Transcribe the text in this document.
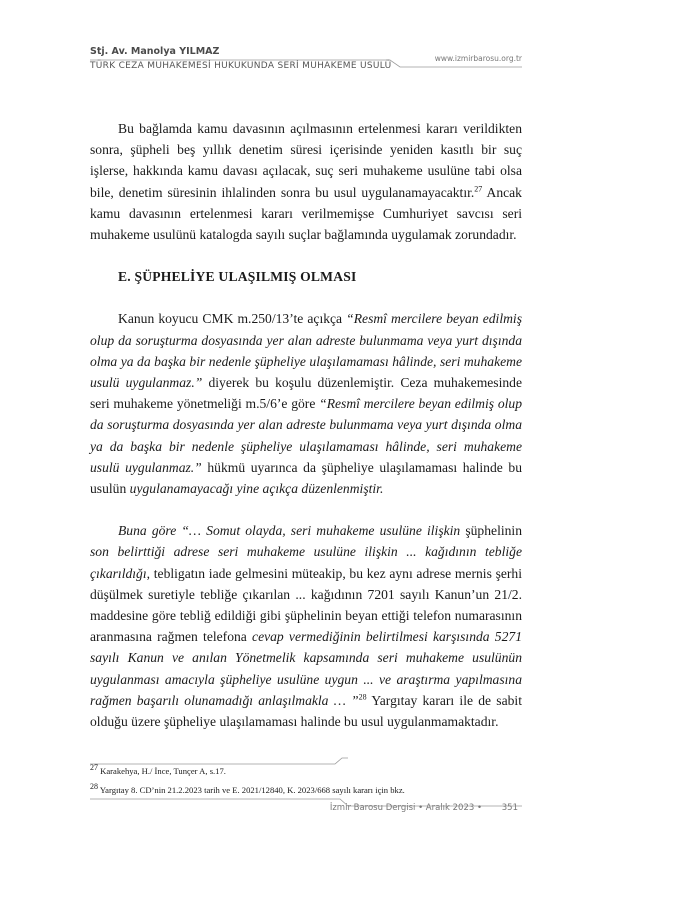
Stj. Av. Manolya YILMAZ
TÜRK CEZA MUHAKEMESİ HUKUKUNDA SERİ MUHAKEME USULÜ
www.izmirbarosu.org.tr

Bu bağlamda kamu davasının açılmasının ertelenmesi kararı verildikten sonra, şüpheli beş yıllık denetim süresi içerisinde yeniden kasıtlı bir suç işlerse, hakkında kamu davası açılacak, suç seri muhakeme usulüne tabi olsa bile, denetim süresinin ihlalinden sonra bu usul uygulanamayacaktır.$^{27}$ Ancak kamu davasının ertelenmesi kararı verilmemişse Cumhuriyet savcısı seri muhakeme usulünü katalogda sayılı suçlar bağlamında uygulamak zorundadır.

E. ŞÜPHELİYE ULAŞILMIŞ OLMASI

Kanun koyucu CMK m.250/13’te açıkça “Resmî mercilere beyan edilmiş olup da soruşturma dosyasında yer alan adreste bulunmama veya yurt dışında olma ya da başka bir nedenle şüpheliye ulaşılamaması hâlinde, seri muhakeme usulü uygulanmaz.” diyerek bu koşulu düzenlemiştir. Ceza muhakemesinde seri muhakeme yönetmeliği m.5/6’e göre “Resmî mercilere beyan edilmiş olup da soruşturma dosyasında yer alan adreste bulunmama veya yurt dışında olma ya da başka bir nedenle şüpheliye ulaşılamaması hâlinde, seri muhakeme usulü uygulanmaz.” hükmü uyarınca da şüpheliye ulaşılamaması halinde bu usulün uygulanamayacağı yine açıkça düzenlenmiştir.

Buna göre “… Somut olayda, seri muhakeme usulüne ilişkin şüphelinin son belirttiği adrese seri muhakeme usulüne ilişkin ... kağıdının tebliğe çıkarıldığı, tebligatın iade gelmesini müteakip, bu kez aynı adrese mernis şerhi düşülmek suretiyle tebliğe çıkarılan ... kağıdının 7201 sayılı Kanun’un 21/2. maddesine göre tebliğ edildiği gibi şüphelinin beyan ettiği telefon numarasının aranmasına rağmen telefona cevap vermediğinin belirtilmesi karşısında 5271 sayılı Kanun ve anılan Yönetmelik kapsamında seri muhakeme usulünün uygulanması amacıyla şüpheliye usulüne uygun ... ve araştırma yapılmasına rağmen başarılı olunamadığı anlaşılmakla … ”$^{28}$ Yargıtay kararı ile de sabit olduğu üzere şüpheliye ulaşılamaması halinde bu usul uygulanmamaktadır.

$^{27}$ Karakehya, H./ İnce, Tunçer A, s.17.
$^{28}$ Yargıtay 8. CD’nin 21.2.2023 tarih ve E. 2021/12840, K. 2023/668 sayılı kararı için bkz.
İzmir Barosu Dergisi • Aralık 2023 • 351
